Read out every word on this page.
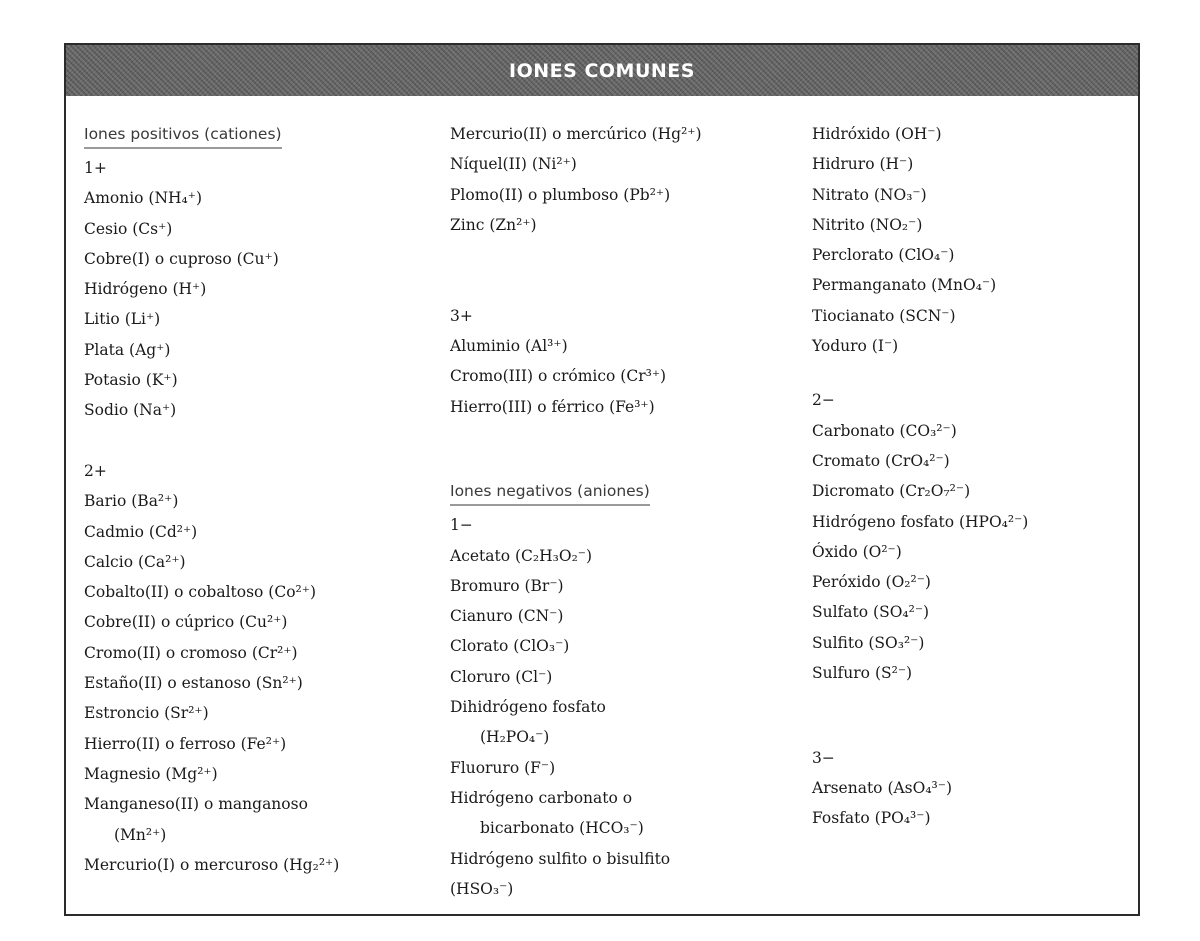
IONES COMUNES
Iones positivos (cationes)
1+
Amonio (NH₄⁺)
Cesio (Cs⁺)
Cobre(I) o cuproso (Cu⁺)
Hidrógeno (H⁺)
Litio (Li⁺)
Plata (Ag⁺)
Potasio (K⁺)
Sodio (Na⁺)
2+
Bario (Ba²⁺)
Cadmio (Cd²⁺)
Calcio (Ca²⁺)
Cobalto(II) o cobaltoso (Co²⁺)
Cobre(II) o cúprico (Cu²⁺)
Cromo(II) o cromoso (Cr²⁺)
Estaño(II) o estanoso (Sn²⁺)
Estroncio (Sr²⁺)
Hierro(II) o ferroso (Fe²⁺)
Magnesio (Mg²⁺)
Manganeso(II) o manganoso
(Mn²⁺)
Mercurio(I) o mercuroso (Hg₂²⁺)
Mercurio(II) o mercúrico (Hg²⁺)
Níquel(II) (Ni²⁺)
Plomo(II) o plumboso (Pb²⁺)
Zinc (Zn²⁺)
3+
Aluminio (Al³⁺)
Cromo(III) o crómico (Cr³⁺)
Hierro(III) o férrico (Fe³⁺)
Iones negativos (aniones)
1−
Acetato (C₂H₃O₂⁻)
Bromuro (Br⁻)
Cianuro (CN⁻)
Clorato (ClO₃⁻)
Cloruro (Cl⁻)
Dihidrógeno fosfato
(H₂PO₄⁻)
Fluoruro (F⁻)
Hidrógeno carbonato o
bicarbonato (HCO₃⁻)
Hidrógeno sulfito o bisulfito
(HSO₃⁻)
Hidróxido (OH⁻)
Hidruro (H⁻)
Nitrato (NO₃⁻)
Nitrito (NO₂⁻)
Perclorato (ClO₄⁻)
Permanganato (MnO₄⁻)
Tiocianato (SCN⁻)
Yoduro (I⁻)
2−
Carbonato (CO₃²⁻)
Cromato (CrO₄²⁻)
Dicromato (Cr₂O₇²⁻)
Hidrógeno fosfato (HPO₄²⁻)
Óxido (O²⁻)
Peróxido (O₂²⁻)
Sulfato (SO₄²⁻)
Sulfito (SO₃²⁻)
Sulfuro (S²⁻)
3−
Arsenato (AsO₄³⁻)
Fosfato (PO₄³⁻)
